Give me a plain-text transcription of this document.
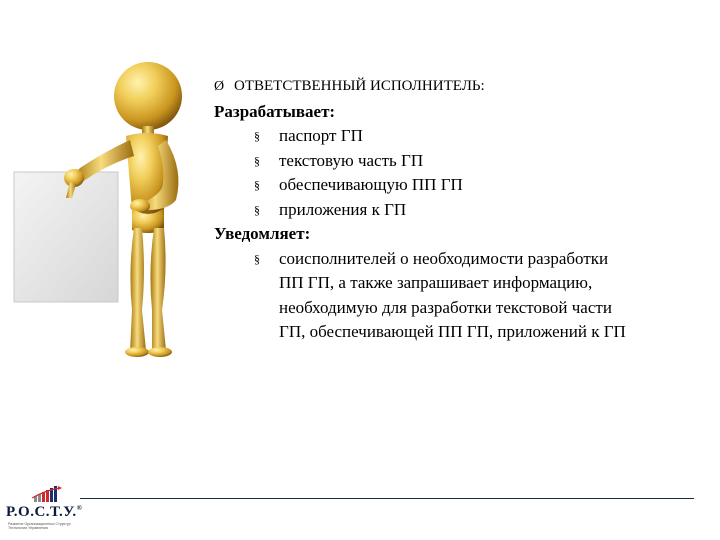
Ø ОТВЕТСТВЕННЫЙ ИСПОЛНИТЕЛЬ:
Разрабатывает:
§ паспорт ГП
§ текстовую часть ГП
§ обеспечивающую ПП ГП
§ приложения к ГП
Уведомляет:
§ соисполнителей о необходимости разработки
ПП ГП, а также запрашивает информацию,
необходимую для разработки текстовой части
ГП, обеспечивающей ПП ГП, приложений к ГП
Р.О.С.Т.У.®
Развитие Организационных Структур Технологии Управления
